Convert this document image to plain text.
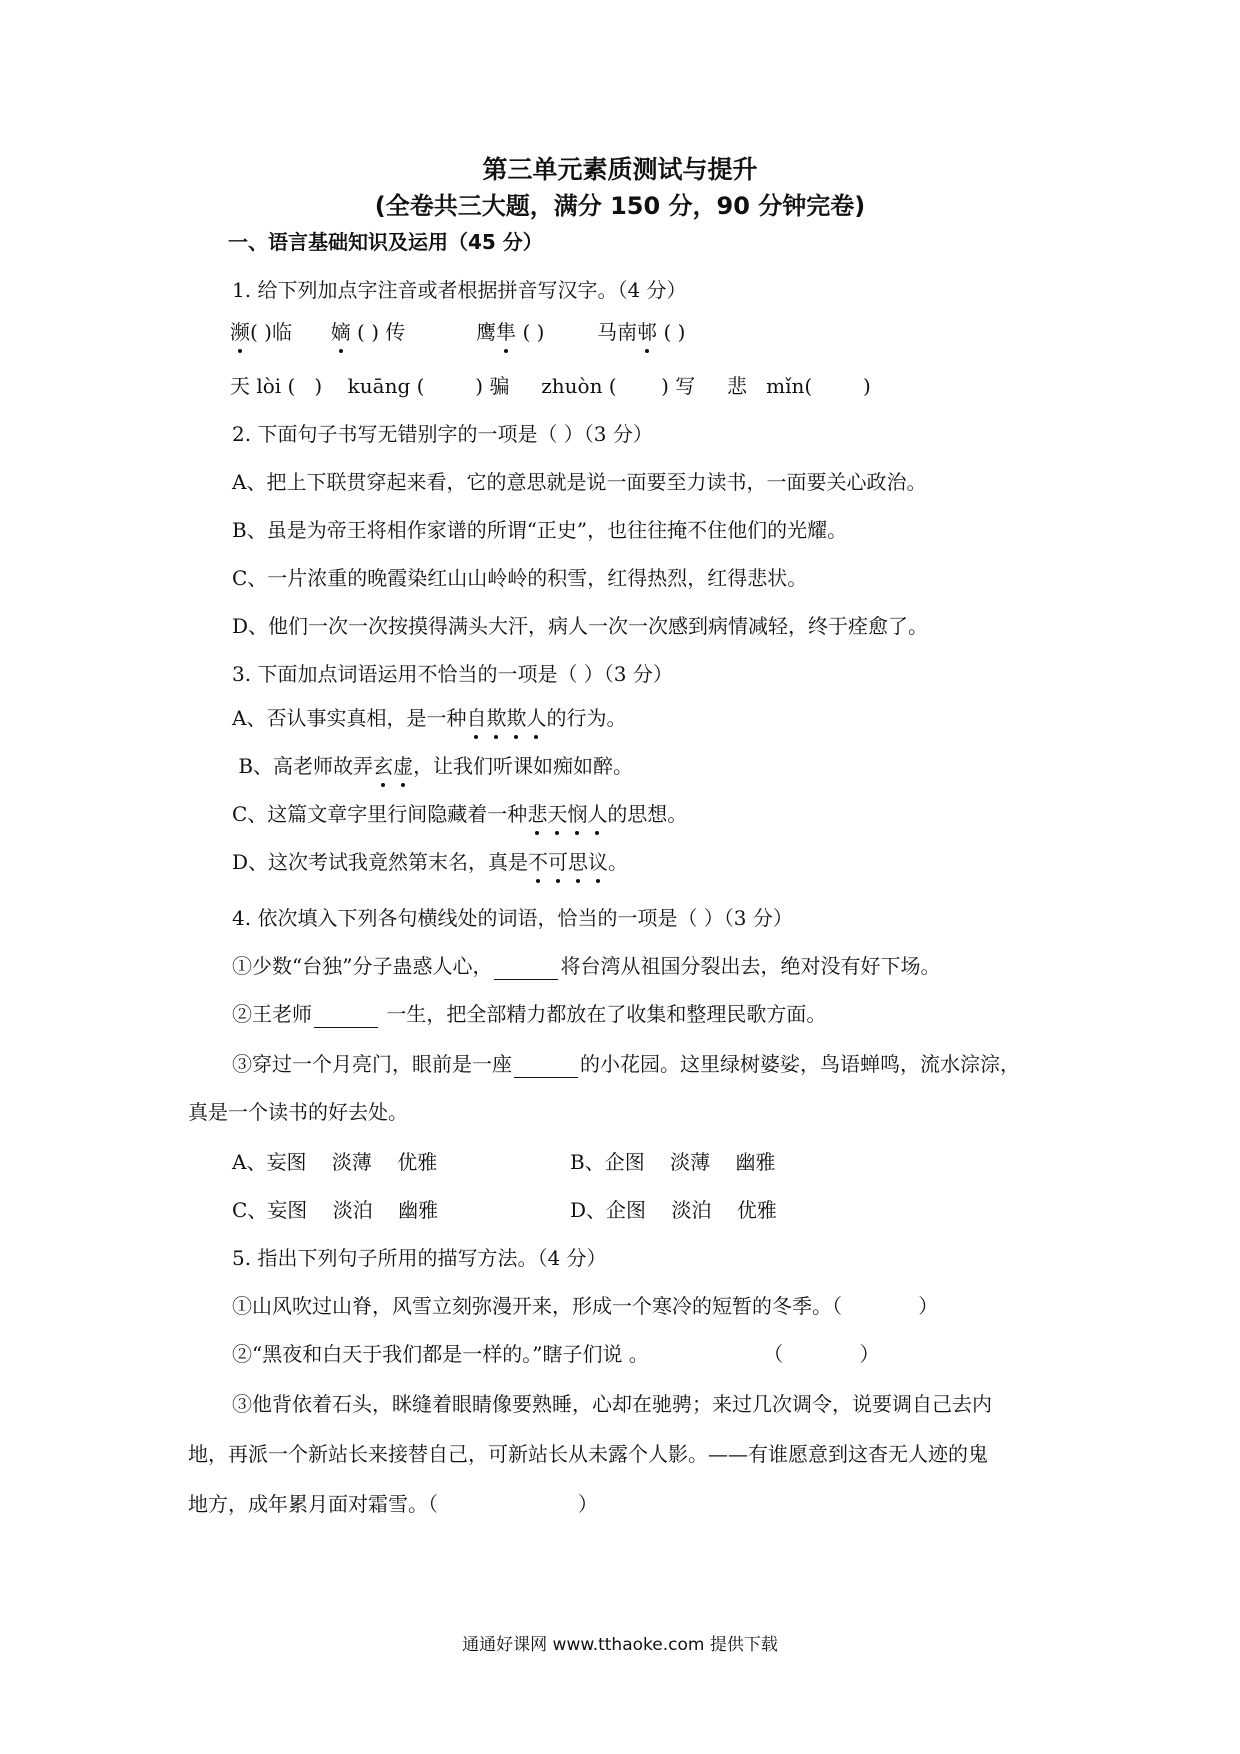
第三单元素质测试与提升
(全卷共三大题，满分 150 分，90 分钟完卷)
一、语言基础知识及运用（45 分）
1. 给下列加点字注音或者根据拼音写汉字。（4 分）
濒( )临 嫡 ( ) 传	鹰隼 ( )	马南邨 ( )
天 lòi (   )    kuāng (        ) 骗     zhuòn (       ) 写     悲   mǐn(        )
2. 下面句子书写无错别字的一项是（ ）（3 分）
A、把上下联贯穿起来看，它的意思就是说一面要至力读书，一面要关心政治。
B、虽是为帝王将相作家谱的所谓“正史”，也往往掩不住他们的光耀。
C、一片浓重的晚霞染红山山岭岭的积雪，红得热烈，红得悲状。
D、他们一次一次按摸得满头大汗，病人一次一次感到病情减轻，终于痊愈了。
3. 下面加点词语运用不恰当的一项是（ ）（3 分）
A、否认事实真相，是一种自欺欺人的行为。
B、高老师故弄玄虚，让我们听课如痴如醉。
C、这篇文章字里行间隐藏着一种悲天悯人的思想。
D、这次考试我竟然第末名，真是不可思议。
4. 依次填入下列各句横线处的词语，恰当的一项是（ ）（3 分）
①少数“台独”分子蛊惑人心，	将台湾从祖国分裂出去，绝对没有好下场。
②王老师	一生，把全部精力都放在了收集和整理民歌方面。
③穿过一个月亮门，眼前是一座	的小花园。这里绿树婆娑，鸟语蝉鸣，流水淙淙，
真是一个读书的好去处。
A、妄图    淡薄    优雅	B、企图    淡薄    幽雅
C、妄图    淡泊    幽雅	D、企图    淡泊    优雅
5. 指出下列句子所用的描写方法。（4 分）
①山风吹过山脊，风雪立刻弥漫开来，形成一个寒冷的短暂的冬季。（            ）
②“黑夜和白天于我们都是一样的。”瞎子们说 。                  （            ）
③他背依着石头，眯缝着眼睛像要熟睡，心却在驰骋；来过几次调令，说要调自己去内
地，再派一个新站长来接替自己，可新站长从未露个人影。——有谁愿意到这杳无人迹的鬼
地方，成年累月面对霜雪。（                      ）
通通好课网 www.tthaoke.com 提供下载
